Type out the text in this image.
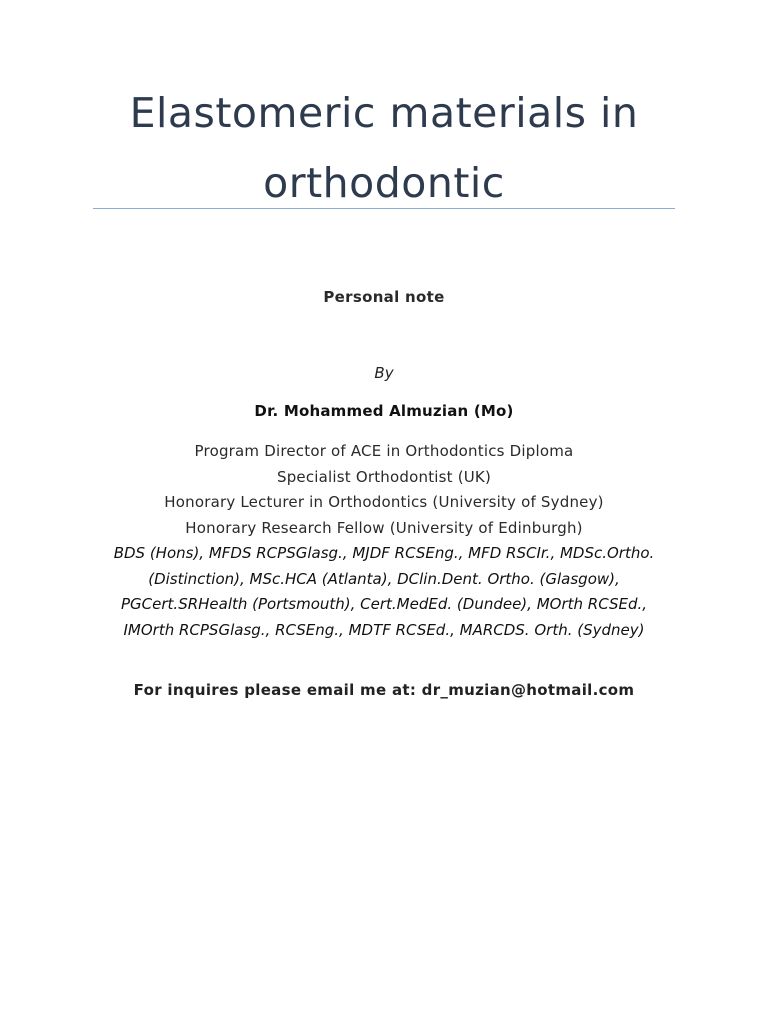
Elastomeric materials in
orthodontic
Personal note
By
Dr. Mohammed Almuzian (Mo)
Program Director of ACE in Orthodontics Diploma
Specialist Orthodontist (UK)
Honorary Lecturer in Orthodontics (University of Sydney)
Honorary Research Fellow (University of Edinburgh)
BDS (Hons), MFDS RCPSGlasg., MJDF RCSEng., MFD RSCIr., MDSc.Ortho.
(Distinction), MSc.HCA (Atlanta), DClin.Dent. Ortho. (Glasgow),
PGCert.SRHealth (Portsmouth), Cert.MedEd. (Dundee), MOrth RCSEd.,
IMOrth RCPSGlasg., RCSEng., MDTF RCSEd., MARCDS. Orth. (Sydney)
For inquires please email me at: dr_muzian@hotmail.com
